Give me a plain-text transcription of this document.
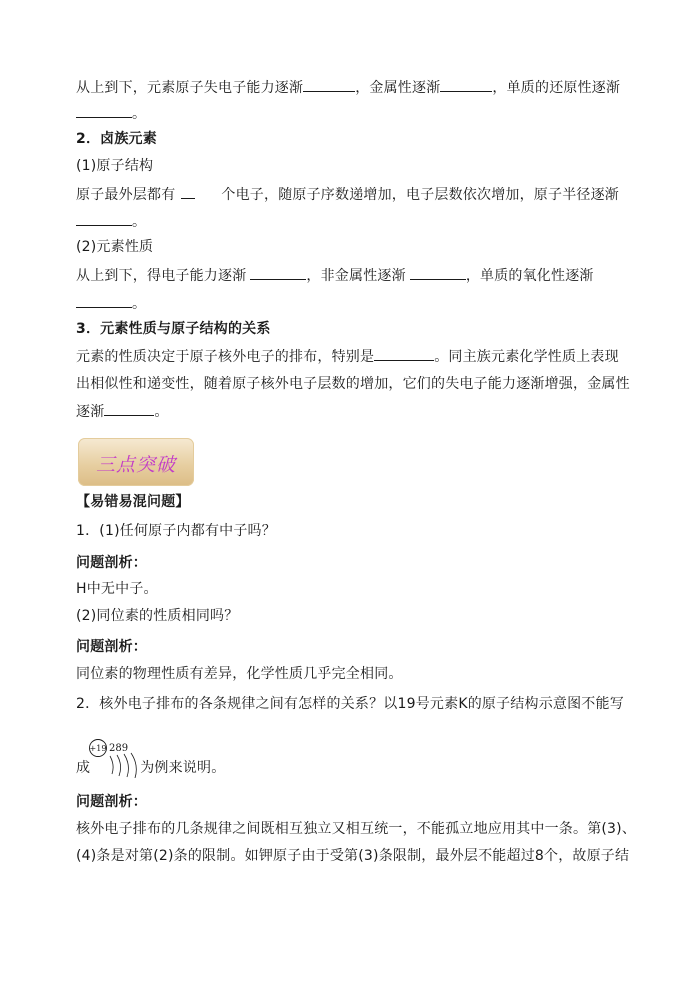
从上到下，元素原子失电子能力逐渐	，金属性逐渐	，单质的还原性逐渐
。
2．卤族元素
(1)原子结构
原子最外层都有	个电子，随原子序数递增加，电子层数依次增加，原子半径逐渐
。
(2)元素性质
从上到下，得电子能力逐渐	，非金属性逐渐	，单质的氧化性逐渐
。
3．元素性质与原子结构的关系
元素的性质决定于原子核外电子的排布，特别是	。同主族元素化学性质上表现
出相似性和递变性，随着原子核外电子层数的增加，它们的失电子能力逐渐增强，金属性
逐渐	。
三点突破
【易错易混问题】
1．(1)任何原子内都有中子吗？
问题剖析：
H中无中子。
(2)同位素的性质相同吗？
问题剖析：
同位素的物理性质有差异，化学性质几乎完全相同。
2．核外电子排布的各条规律之间有怎样的关系？以19号元素K的原子结构示意图不能写
成	为例来说明。
+19 289
问题剖析：
核外电子排布的几条规律之间既相互独立又相互统一，不能孤立地应用其中一条。第(3)、
(4)条是对第(2)条的限制。如钾原子由于受第(3)条限制，最外层不能超过8个，故原子结
